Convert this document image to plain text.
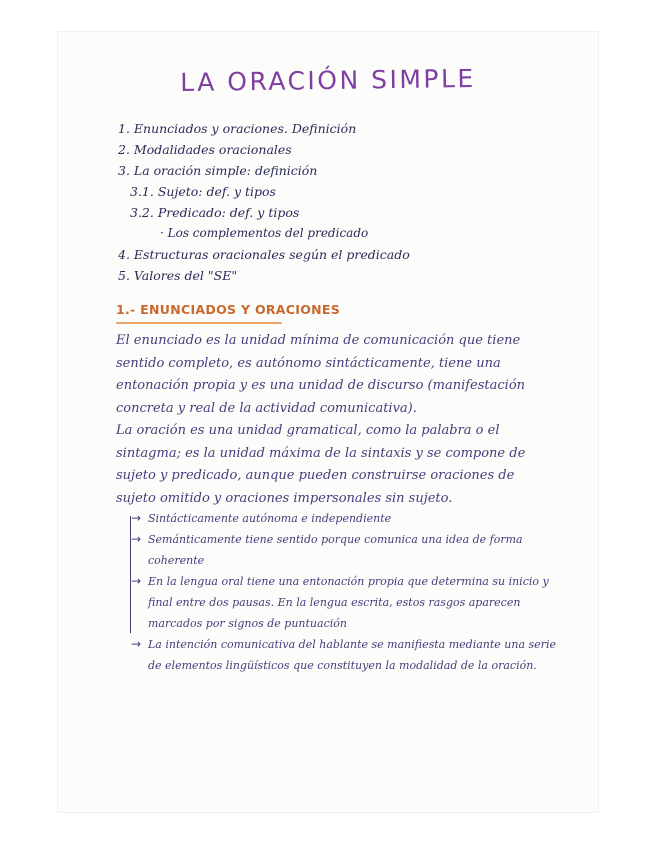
LA ORACIÓN SIMPLE
1. Enunciados y oraciones. Definición
2. Modalidades oracionales
3. La oración simple: definición
3.1. Sujeto: def. y tipos
3.2. Predicado: def. y tipos
· Los complementos del predicado
4. Estructuras oracionales según el predicado
5. Valores del "SE"
1.- ENUNCIADOS Y ORACIONES

El enunciado es la unidad mínima de comunicación que tiene sentido completo, es autónomo sintácticamente, tiene una entonación propia y es una unidad de discurso (manifestación concreta y real de la actividad comunicativa).

La oración es una unidad gramatical, como la palabra o el sintagma; es la unidad máxima de la sintaxis y se compone de sujeto y predicado, aunque pueden construirse oraciones de sujeto omitido y oraciones impersonales sin sujeto.

→ Sintácticamente autónoma e independiente
→ Semánticamente tiene sentido porque comunica una idea de forma coherente
→ En la lengua oral tiene una entonación propia que determina su inicio y final entre dos pausas. En la lengua escrita, estos rasgos aparecen marcados por signos de puntuación
→ La intención comunicativa del hablante se manifiesta mediante una serie de elementos lingüísticos que constituyen la modalidad de la oración.
